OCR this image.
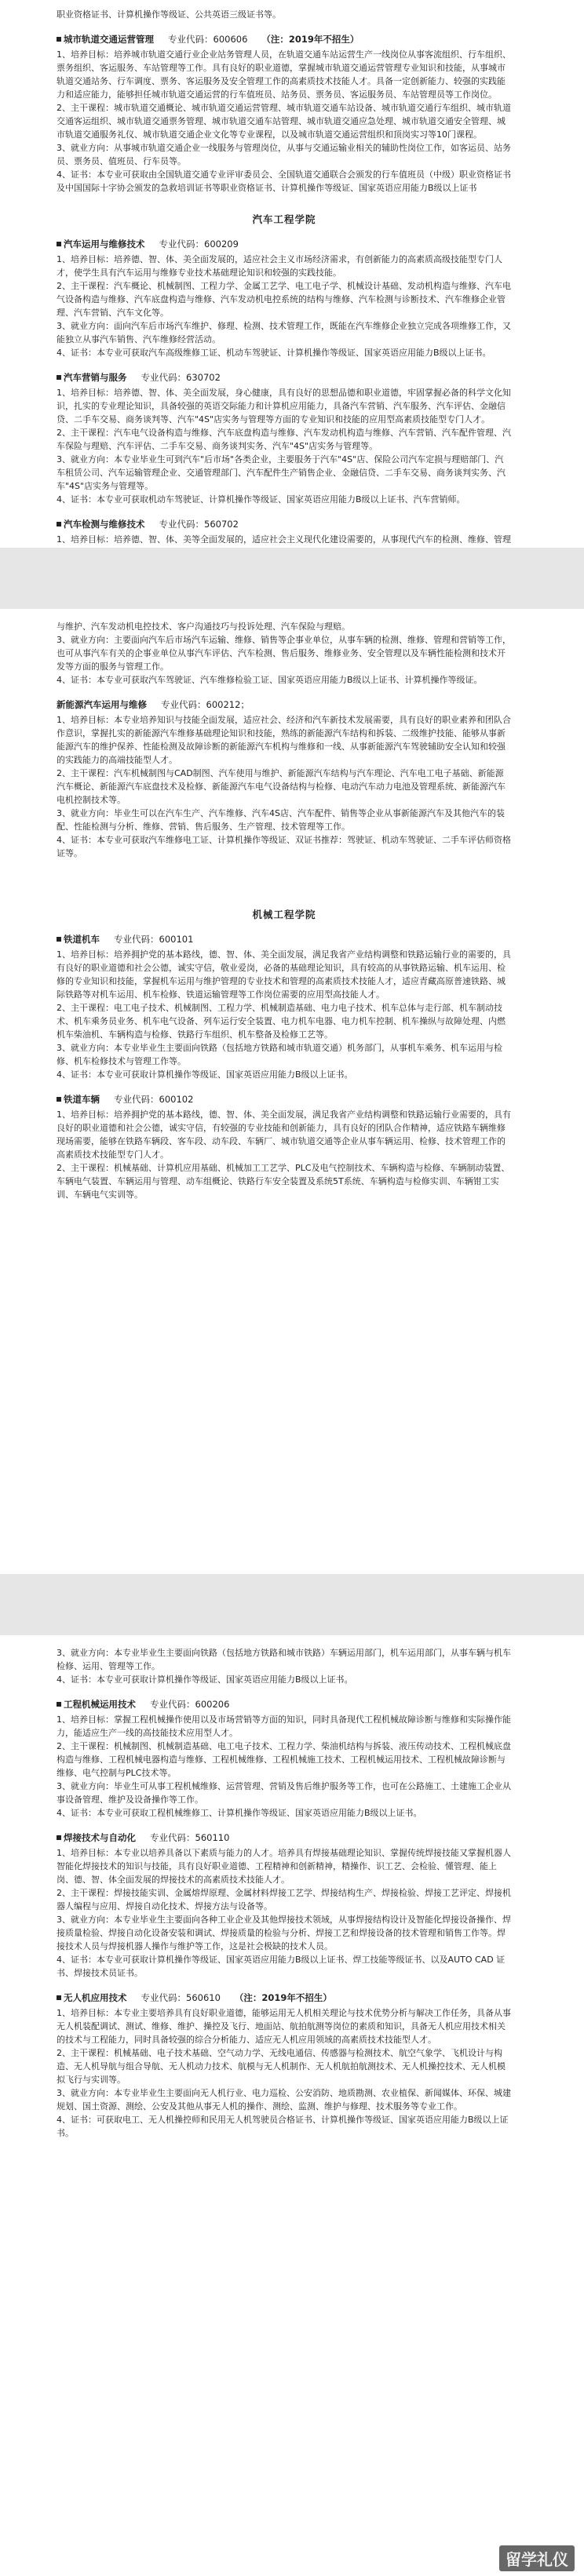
职业资格证书、计算机操作等级证、公共英语三级证书等。

城市轨道交通运营管理 专业代码：600606 （注：2019年不招生）

1、培养目标：培养城市轨道交通行业企业站务管理人员，在轨道交通车站运营生产一线岗位从事客流组织、行车组织、票务组织、客运服务、车站管理等工作。具有良好的职业道德，掌握城市轨道交通运营管理专业知识和技能，从事城市轨道交通站务、行车调度、票务、客运服务及安全管理工作的高素质技术技能人才。具备一定创新能力、较强的实践能力和适应能力，能够担任城市轨道交通运营的行车值班员、站务员、票务员、客运服务员、车站管理员等工作岗位。

2、主干课程：城市轨道交通概论、城市轨道交通运营管理、城市轨道交通车站设备、城市轨道交通行车组织、城市轨道交通客运组织、城市轨道交通票务管理、城市轨道交通车站管理、城市轨道交通应急处理、城市轨道交通安全管理、城市轨道交通服务礼仪、城市轨道交通企业文化等专业课程，以及城市轨道交通运营组织和顶岗实习等10门课程。

3、就业方向：从事城市轨道交通企业一线服务与管理岗位，从事与交通运输业相关的辅助性岗位工作，如客运员、站务员、票务员、值班员、行车员等。

4、证书：本专业可获取由全国轨道交通专业评审委员会、全国轨道交通联合会颁发的行车值班员（中级）职业资格证书及中国国际十字协会颁发的急救培训证书等职业资格证书、计算机操作等级证、国家英语应用能力B级以上证书

汽车工程学院
汽车运用与维修技术 专业代码：600209

1、培养目标：培养德、智、体、美全面发展的，适应社会主义市场经济需求，有创新能力的高素质高级技能型专门人才，使学生具有汽车运用与维修专业技术基础理论知识和较强的实践技能。

2、主干课程：汽车概论、机械制图、工程力学、金属工艺学、电工电子学、机械设计基础、发动机构造与维修、汽车电气设备构造与维修、汽车底盘构造与维修、汽车发动机电控系统的结构与维修、汽车检测与诊断技术、汽车维修企业管理、汽车营销、汽车文化等。

3、就业方向：面向汽车后市场汽车维护、修理、检测、技术管理工作，既能在汽车维修企业独立完成各项维修工作，又能独立从事汽车销售、汽车维修经营活动。

4、证书：本专业可获取汽车高级维修工证、机动车驾驶证、计算机操作等级证、国家英语应用能力B级以上证书。

汽车营销与服务 专业代码：630702

1、培养目标：培养德、智、体、美全面发展，身心健康，具有良好的思想品德和职业道德，牢固掌握必备的科学文化知识，扎实的专业理论知识，具备较强的英语交际能力和计算机应用能力，具备汽车营销、汽车服务、汽车评估、金融信贷、二手车交易、商务谈判等、汽车"4S"店实务与管理等方面的专业知识和技能的应用型高素质技能型专门人才。

2、主干课程：汽车电气设备构造与维修、汽车底盘构造与维修、汽车发动机构造与维修、汽车营销、汽车配件管理、汽车保险与理赔、汽车评估、二手车交易、商务谈判实务、汽车"4S"店实务与管理等。

3、就业方向：本专业毕业生可到汽车"后市场"各类企业，主要服务于汽车"4S"店、保险公司汽车定损与理赔部门、汽车租赁公司、汽车运输管理企业、交通管理部门、汽车配件生产销售企业、金融信贷、二手车交易、商务谈判实务、汽车"4S"店实务与管理等。

4、证书：本专业可获取机动车驾驶证、计算机操作等级证、国家英语应用能力B级以上证书、汽车营销师。

汽车检测与维修技术 专业代码：560702

1、培养目标：培养德、智、体、美等全面发展的，适应社会主义现代化建设需要的，从事现代汽车的检测、维修、管理

与维护、汽车发动机电控技术、客户沟通技巧与投诉处理、汽车保险与理赔。

3、就业方向：主要面向汽车后市场汽车运输、维修、销售等企事业单位，从事车辆的检测、维修、管理和营销等工作，也可从事汽车有关的企事业单位从事汽车评估、汽车检测、售后服务、维修业务、安全管理以及车辆性能检测和技术开发等方面的服务与管理工作。

4、证书：本专业可获取汽车驾驶证、汽车维修检验工证、国家英语应用能力B级以上证书、计算机操作等级证。

新能源汽车运用与维修 专业代码：600212；

1、培养目标：本专业培养知识与技能全面发展，适应社会、经济和汽车新技术发展需要，具有良好的职业素养和团队合作意识，掌握扎实的新能源汽车维修基础理论知识和技能，熟练的新能源汽车结构和拆装、二级维护技能、能够从事新能源汽车的维护保养、性能检测及故障诊断的新能源汽车机构与维修和一线、从事新能源汽车驾驶辅助安全认知和较强的实践能力的高端技能型人才。

2、主干课程：汽车机械制图与CAD制图、汽车使用与维护、新能源汽车结构与汽车理论、汽车电工电子基础、新能源汽车概论、新能源汽车底盘技术及检修、新能源汽车电气设备结构与检修、电动汽车动力电池及管理系统、新能源汽车电机控制技术等。

3、就业方向：毕业生可以在汽车生产、汽车维修、汽车4S店、汽车配件、销售等企业从事新能源汽车及其他汽车的装配、性能检测与分析、维修、营销、售后服务、生产管理、技术管理等工作。

4、证书：本专业可获取汽车维修电工证、计算机操作等级证、双证书推荐：驾驶证、机动车驾驶证、二手车评估师资格证等。

机械工程学院
铁道机车 专业代码：600101

1、培养目标：培养拥护党的基本路线，德、智、体、美全面发展，满足我省产业结构调整和铁路运输行业的需要的，具有良好的职业道德和社会公德，诚实守信，敬业爱岗，必备的基础理论知识，具有较高的从事铁路运输、机车运用、检修的专业知识和技能，掌握机车运用与维护管理的专业技术和管理的高素质技术技能人才，适应青藏高原普速铁路、城际铁路等对机车运用、机车检修、铁道运输管理等工作岗位需要的应用型高技能人才。

2、主干课程：电工电子技术、机械制图、工程力学、机械制造基础、电力电子技术、机车总体与走行部、机车制动技术、机车乘务员业务、机车电气设备、列车运行安全装置、电力机车电器、电力机车控制、机车操纵与故障处理、内燃机车柴油机、车辆构造与检修、铁路行车组织、机车整备及检修工艺等。

3、就业方向：本专业毕业生主要面向铁路（包括地方铁路和城市轨道交通）机务部门，从事机车乘务、机车运用与检修、机车检修技术与管理工作等。

4、证书：本专业可获取计算机操作等级证、国家英语应用能力B级以上证书。

铁道车辆 专业代码：600102

1、培养目标：培养拥护党的基本路线，德、智、体、美全面发展，满足我省产业结构调整和铁路运输行业需要的，具有良好的职业道德和社会公德，诚实守信，有较强的专业技能和创新能力，具有良好的团队合作精神，适应铁路车辆维修现场需要，能够在铁路车辆段、客车段、动车段、车辆厂、城市轨道交通等企业从事车辆运用、检修、技术管理工作的高素质技术技能型专门人才。

2、主干课程：机械基础、计算机应用基础、机械加工工艺学、PLC及电气控制技术、车辆构造与检修、车辆制动装置、车辆电气装置、车辆运用与管理、动车组概论、铁路行车安全装置及系统5T系统、车辆构造与检修实训、车辆钳工实训、车辆电气实训等。

3、就业方向：本专业毕业生主要面向铁路（包括地方铁路和城市铁路）车辆运用部门，机车运用部门，从事车辆与机车检修、运用、管理等工作。

4、证书：本专业可获取计算机操作等级证、国家英语应用能力B级以上证书。

工程机械运用技术 专业代码：600206

1、培养目标：掌握工程机械操作使用以及市场营销等方面的知识，同时具备现代工程机械故障诊断与维修和实际操作能力，能适应生产一线的高技能技术应用型人才。

2、主干课程：机械制图、机械制造基础、电工电子技术、工程力学、柴油机结构与拆装、液压传动技术、工程机械底盘构造与维修、工程机械电器构造与维修、工程机械维修、工程机械施工技术、工程机械运用技术、工程机械故障诊断与维修、电气控制与PLC技术等。

3、就业方向：毕业生可从事工程机械维修、运营管理、营销及售后维护服务等工作，也可在公路施工、土建施工企业从事设备管理、维护及设备操作等工作。

4、证书：本专业可获取工程机械维修工、计算机操作等级证、国家英语应用能力B级以上证书。

焊接技术与自动化 专业代码：560110

1、培养目标：本专业以培养具备以下素质与能力的人才。培养具有焊接基础理论知识、掌握传统焊接技能又掌握机器人智能化焊接技术的知识与技能，具有良好职业道德、工程精神和创新精神，精操作、识工艺、会检验、懂管理、能上岗、德、智、体全面发展的焊接技术的高素质技术技能人才。

2、主干课程：焊接技能实训、金属熔焊原理、金属材料焊接工艺学、焊接结构生产、焊接检验、焊接工艺评定、焊接机器人编程与应用、焊接自动化技术、焊接方法与设备等。

3、就业方向：本专业毕业生主要面向各种工业企业及其他焊接技术领域，从事焊接结构设计及智能化焊接设备操作、焊接质量检验、焊接自动化设备安装和调试、焊接质量的检验与分析、焊接工艺和焊接设备的技术管理和销售工作等。焊接技术人员与焊接机器人操作与维护等工作，这是社会极缺的技术人员。

4、证书：本专业可获取计算机操作等级证、国家英语应用能力B级以上证书、焊工技能等级证书、以及AUTO CAD 证书、焊接技术员证书。

无人机应用技术 专业代码：560610 （注：2019年不招生）

1、培养目标：本专业主要培养具有良好职业道德，能够运用无人机相关理论与技术优势分析与解决工作任务，具备从事无人机装配调试、测试、维修、维护、操控及飞行、地面站、航拍航测等岗位的素质和知识，具备无人机应用技术相关的技术与工程能力，同时具备较强的综合分析能力、适应无人机应用领域的高素质技术技能型人才。

2、主干课程：机械基础、电子技术基础、空气动力学、无线电通信、传感器与检测技术、航空气象学、飞机设计与构造、无人机导航与组合导航、无人机动力技术、航模与无人机制作、无人机航拍航测技术、无人机操控技术、无人机模拟飞行与实训等。

3、就业方向：本专业毕业生主要面向无人机行业、电力巡检、公安消防、地质勘测、农业植保、新闻媒体、环保、城建规划、国土资源、测绘、公安及其他从事无人机的操作、测绘、监测、维护与修理、技术服务等专业工作。

4、证书：可获取电工、无人机操控师和民用无人机驾驶员合格证书、计算机操作等级证、国家英语应用能力B级以上证书。

留学礼仪
